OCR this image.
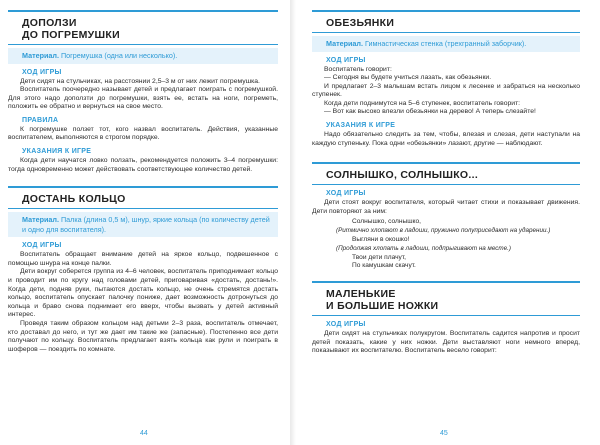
ДОПОЛЗИ
ДО ПОГРЕМУШКИ
Материал. Погремушка (одна или несколько).
ХОД ИГРЫ

Дети сидят на стульчиках, на расстоянии 2,5–3 м от них лежит погремушка.

Воспитатель поочередно называет детей и предлагает поиграть с погремушкой. Для этого надо доползти до погремушки, взять ее, встать на ноги, погреметь, положить ее обратно и вернуться на свое место.

ПРАВИЛА

К погремушке ползет тот, кого назвал воспитатель. Действия, указанные воспитателем, выполняются в строгом порядке.

УКАЗАНИЯ К ИГРЕ

Когда дети научатся ловко ползать, рекомендуется положить 3–4 погремушки: тогда одновременно может действовать соответствующее количество детей.

ДОСТАНЬ КОЛЬЦО
Материал. Палка (длина 0,5 м), шнур, яркие кольца (по количеству детей и одно для воспитателя).
ХОД ИГРЫ

Воспитатель обращает внимание детей на яркое кольцо, подвешенное с помощью шнура на конце палки.

Дети вокруг соберется группа из 4–6 человек, воспитатель приподнимает кольцо и проводит им по кругу над головами детей, приговаривая «достать, достань!». Когда дети, подняв руки, пытаются достать кольцо, не очень стремятся достать кольцо, воспитатель опускает палочку пониже, дает возможность дотронуться до кольца и браво снова поднимает его вверх, чтобы вызвать у детей активный интерес.

Проведя таким образом кольцом над детьми 2–3 раза, воспитатель отмечает, кто доставал до него, и тут же дает им такие же (запасные). Постепенно все дети получают по кольцу. Воспитатель предлагает взять кольца как рули и поиграть в шоферов — поездить по комнате.

44
ОБЕЗЬЯНКИ
Материал. Гимнастическая стенка (трехгранный заборчик).
ХОД ИГРЫ

Воспитатель говорит:

— Сегодня вы будете учиться лазать, как обезьянки.

И предлагает 2–3 малышам встать лицом к лесенке и забраться на несколько ступенек.

Когда дети поднимутся на 5–6 ступенек, воспитатель говорит:

— Вот как высоко влезли обезьянки на дерево! А теперь слезайте!

УКАЗАНИЯ К ИГРЕ

Надо обязательно следить за тем, чтобы, влезая и слезая, дети наступали на каждую ступеньку. Пока одни «обезьянки» лазают, другие — наблюдают.

СОЛНЫШКО, СОЛНЫШКО...
ХОД ИГРЫ

Дети стоят вокруг воспитателя, который читает стихи и показывает движения. Дети повторяют за ним:

Солнышко, солнышко,
(Ритмично хлопают в ладоши, пружинно полуприседают на ударении.)
Выгляни в окошко!
(Продолжая хлопать в ладоши, подпрыгивают на месте.)
Твои дети плачут,
По камушкам скачут.
МАЛЕНЬКИЕ
И БОЛЬШИЕ НОЖКИ
ХОД ИГРЫ

Дети сидят на стульчиках полукругом. Воспитатель садится напротив и просит детей показать, какие у них ножки. Дети выставляют ноги немного вперед, показывают их воспитателю. Воспитатель весело говорит:

45
